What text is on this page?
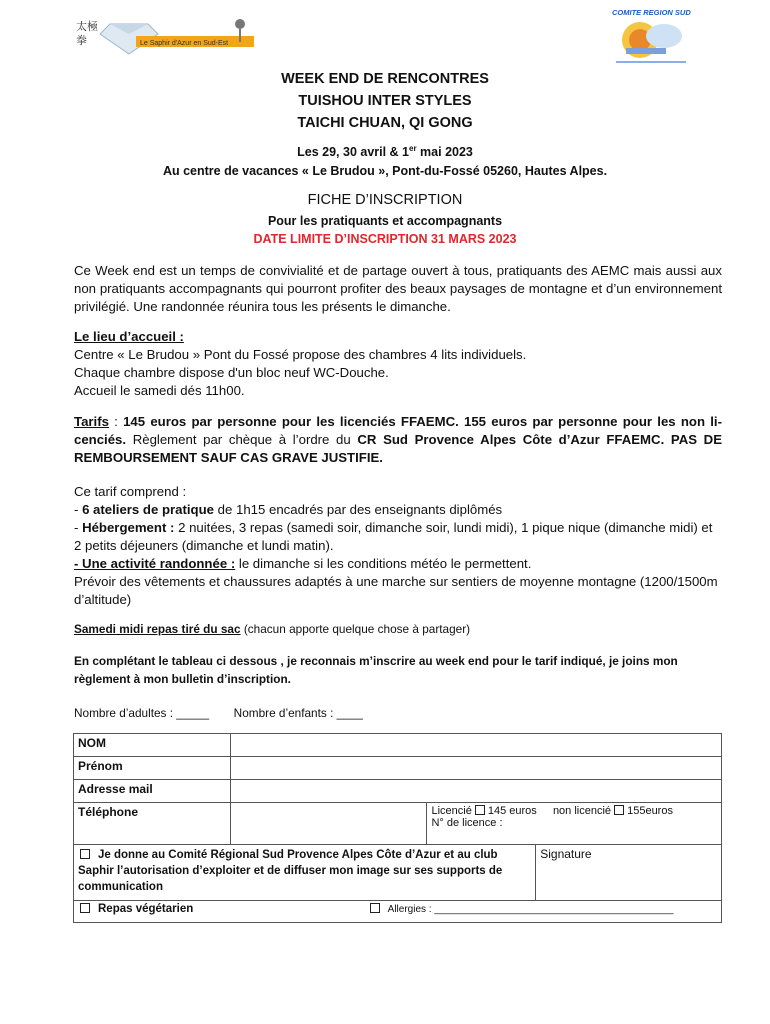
太極
拳	Le Saphir d'Azur en Sud-Est
COMITE REGION SUD
WEEK END DE RENCONTRES
TUISHOU INTER STYLES
TAICHI CHUAN, QI GONG
Les 29, 30 avril & 1er mai 2023
Au centre de vacances « Le Brudou », Pont-du-Fossé 05260, Hautes Alpes.
FICHE D’INSCRIPTION
Pour les pratiquants et accompagnants
DATE LIMITE D’INSCRIPTION 31 MARS 2023
Ce Week end est un temps de convivialité et de partage ouvert à tous, pratiquants des AEMC mais aussi aux non pratiquants accompagnants qui pourront profiter des beaux paysages de montagne et d’un environnement privilégié. Une randonnée réunira tous les présents le dimanche.
Le lieu d’accueil :
Centre « Le Brudou » Pont du Fossé propose des chambres 4 lits individuels.
Chaque chambre dispose d'un bloc neuf WC-Douche.
Accueil le samedi dés 11h00.
Tarifs : 145 euros par personne pour les licenciés FFAEMC. 155 euros par personne pour les non li-cenciés. Règlement par chèque à l’ordre du CR Sud Provence Alpes Côte d’Azur FFAEMC. PAS DE REMBOURSEMENT SAUF CAS GRAVE JUSTIFIE.
Ce tarif comprend :
- 6 ateliers de pratique de 1h15 encadrés par des enseignants diplômés
- Hébergement : 2 nuitées, 3 repas (samedi soir, dimanche soir, lundi midi), 1 pique nique (dimanche midi) et 2 petits déjeuners (dimanche et lundi matin).
- Une activité randonnée : le dimanche si les conditions météo le permettent.
Prévoir des vêtements et chaussures adaptés à une marche sur sentiers de moyenne montagne (1200/1500m d’altitude)
Samedi midi repas tiré du sac (chacun apporte quelque chose à partager)
En complétant le tableau ci dessous , je reconnais m’inscrire au week end pour le tarif indiqué, je joins mon règlement à mon bulletin d’inscription.
Nombre d’adultes : _____ Nombre d’enfants : ____
NOM			
Prénom			
Adresse mail			
Téléphone		Licencié 145 euros non licencié 155euros
N° de licence :	

Je donne au Comité Régional Sud Provence Alpes Côte d’Azur et au club Saphir l’autorisation d’exploiter et de diffuser mon image sur ses supports de communication			Signature
Repas végétarien Allergies : ___________________________________________			
